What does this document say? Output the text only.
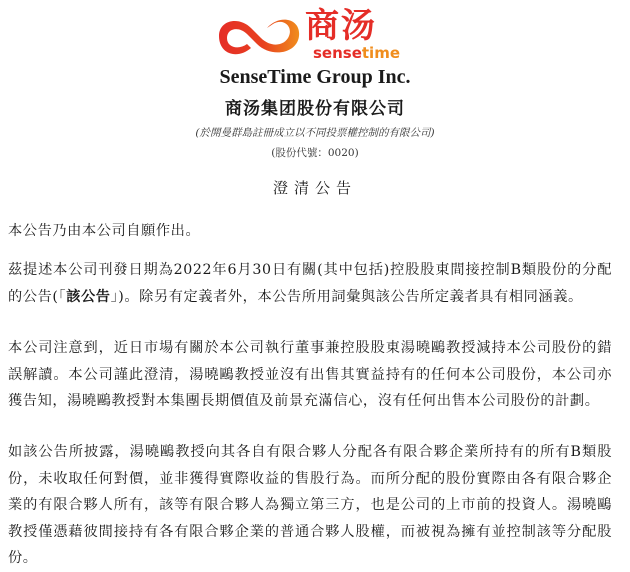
商汤
sensetime
SenseTime Group Inc.
商汤集团股份有限公司
(於開曼群島註冊成立以不同投票權控制的有限公司)
(股份代號：0020)
澄清公告

本公告乃由本公司自願作出。

茲提述本公司刊發日期為2022年6月30日有關(其中包括)控股股東間接控制B類股份的分配的公告(「該公告」)。除另有定義者外，本公告所用詞彙與該公告所定義者具有相同涵義。

本公司注意到，近日市場有關於本公司執行董事兼控股股東湯曉鷗教授減持本公司股份的錯誤解讀。本公司謹此澄清，湯曉鷗教授並沒有出售其實益持有的任何本公司股份，本公司亦獲告知，湯曉鷗教授對本集團長期價值及前景充滿信心，沒有任何出售本公司股份的計劃。

如該公告所披露，湯曉鷗教授向其各自有限合夥人分配各有限合夥企業所持有的所有B類股份，未收取任何對價，並非獲得實際收益的售股行為。而所分配的股份實際由各有限合夥企業的有限合夥人所有，該等有限合夥人為獨立第三方，也是公司的上市前的投資人。湯曉鷗教授僅憑藉彼間接持有各有限合夥企業的普通合夥人股權，而被視為擁有並控制該等分配股份。
